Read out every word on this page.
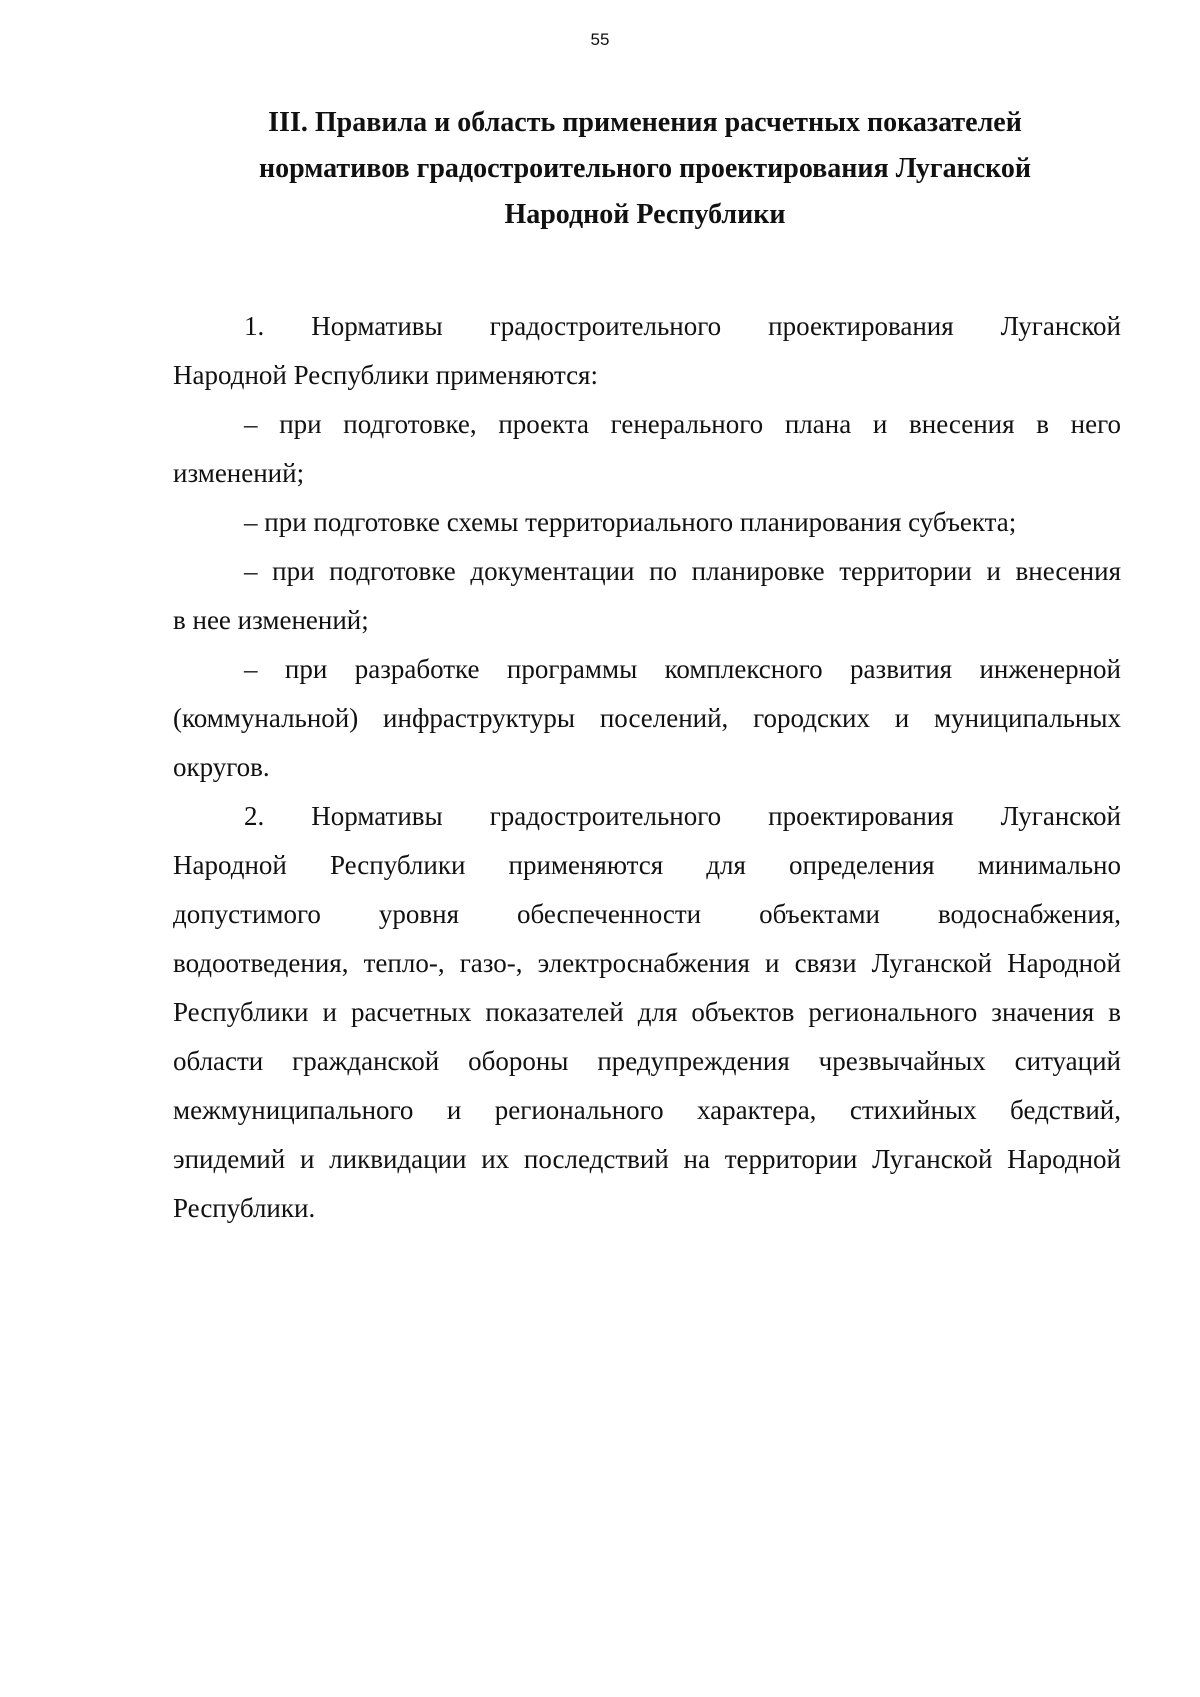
55
III. Правила и область применения расчетных показателей
нормативов градостроительного проектирования Луганской
Народной Республики

1. Нормативы градостроительного проектирования Луганской

Народной Республики применяются:

– при подготовке, проекта генерального плана и внесения в него

изменений;

– при подготовке схемы территориального планирования субъекта;

– при подготовке документации по планировке территории и внесения

в нее изменений;

– при разработке программы комплексного развития инженерной

(коммунальной) инфраструктуры поселений, городских и муниципальных

округов.

2. Нормативы градостроительного проектирования Луганской

Народной Республики применяются для определения минимально

допустимого уровня обеспеченности объектами водоснабжения,

водоотведения, тепло-, газо-, электроснабжения и связи Луганской Народной

Республики и расчетных показателей для объектов регионального значения в

области гражданской обороны предупреждения чрезвычайных ситуаций

межмуниципального и регионального характера, стихийных бедствий,

эпидемий и ликвидации их последствий на территории Луганской Народной

Республики.
